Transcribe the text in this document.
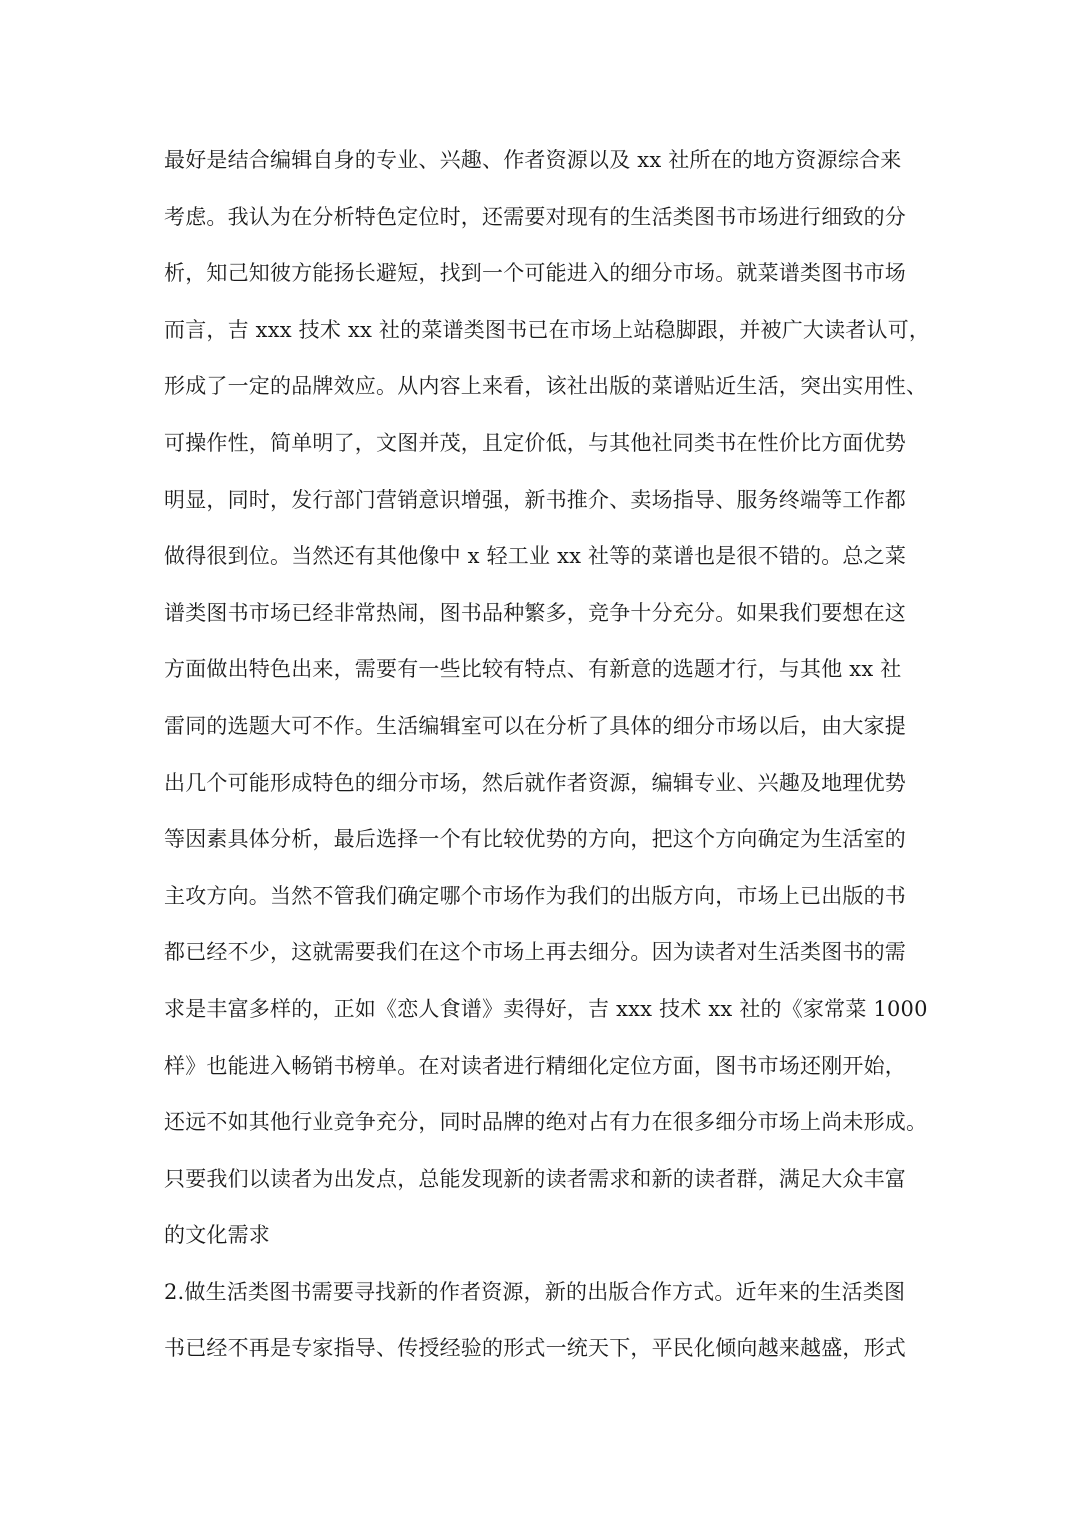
最好是结合编辑自身的专业、兴趣、作者资源以及 xx 社所在的地方资源综合来
考虑。我认为在分析特色定位时，还需要对现有的生活类图书市场进行细致的分
析，知己知彼方能扬长避短，找到一个可能进入的细分市场。就菜谱类图书市场
而言，吉 xxx 技术 xx 社的菜谱类图书已在市场上站稳脚跟，并被广大读者认可，
形成了一定的品牌效应。从内容上来看，该社出版的菜谱贴近生活，突出实用性、
可操作性，简单明了，文图并茂，且定价低，与其他社同类书在性价比方面优势
明显，同时，发行部门营销意识增强，新书推介、卖场指导、服务终端等工作都
做得很到位。当然还有其他像中 x 轻工业 xx 社等的菜谱也是很不错的。总之菜
谱类图书市场已经非常热闹，图书品种繁多，竞争十分充分。如果我们要想在这
方面做出特色出来，需要有一些比较有特点、有新意的选题才行，与其他 xx 社
雷同的选题大可不作。生活编辑室可以在分析了具体的细分市场以后，由大家提
出几个可能形成特色的细分市场，然后就作者资源，编辑专业、兴趣及地理优势
等因素具体分析，最后选择一个有比较优势的方向，把这个方向确定为生活室的
主攻方向。当然不管我们确定哪个市场作为我们的出版方向，市场上已出版的书
都已经不少，这就需要我们在这个市场上再去细分。因为读者对生活类图书的需
求是丰富多样的，正如《恋人食谱》卖得好，吉 xxx 技术 xx 社的《家常菜 1000
样》也能进入畅销书榜单。在对读者进行精细化定位方面，图书市场还刚开始，
还远不如其他行业竞争充分，同时品牌的绝对占有力在很多细分市场上尚未形成。
只要我们以读者为出发点，总能发现新的读者需求和新的读者群，满足大众丰富
的文化需求
2.做生活类图书需要寻找新的作者资源，新的出版合作方式。近年来的生活类图
书已经不再是专家指导、传授经验的形式一统天下，平民化倾向越来越盛，形式
